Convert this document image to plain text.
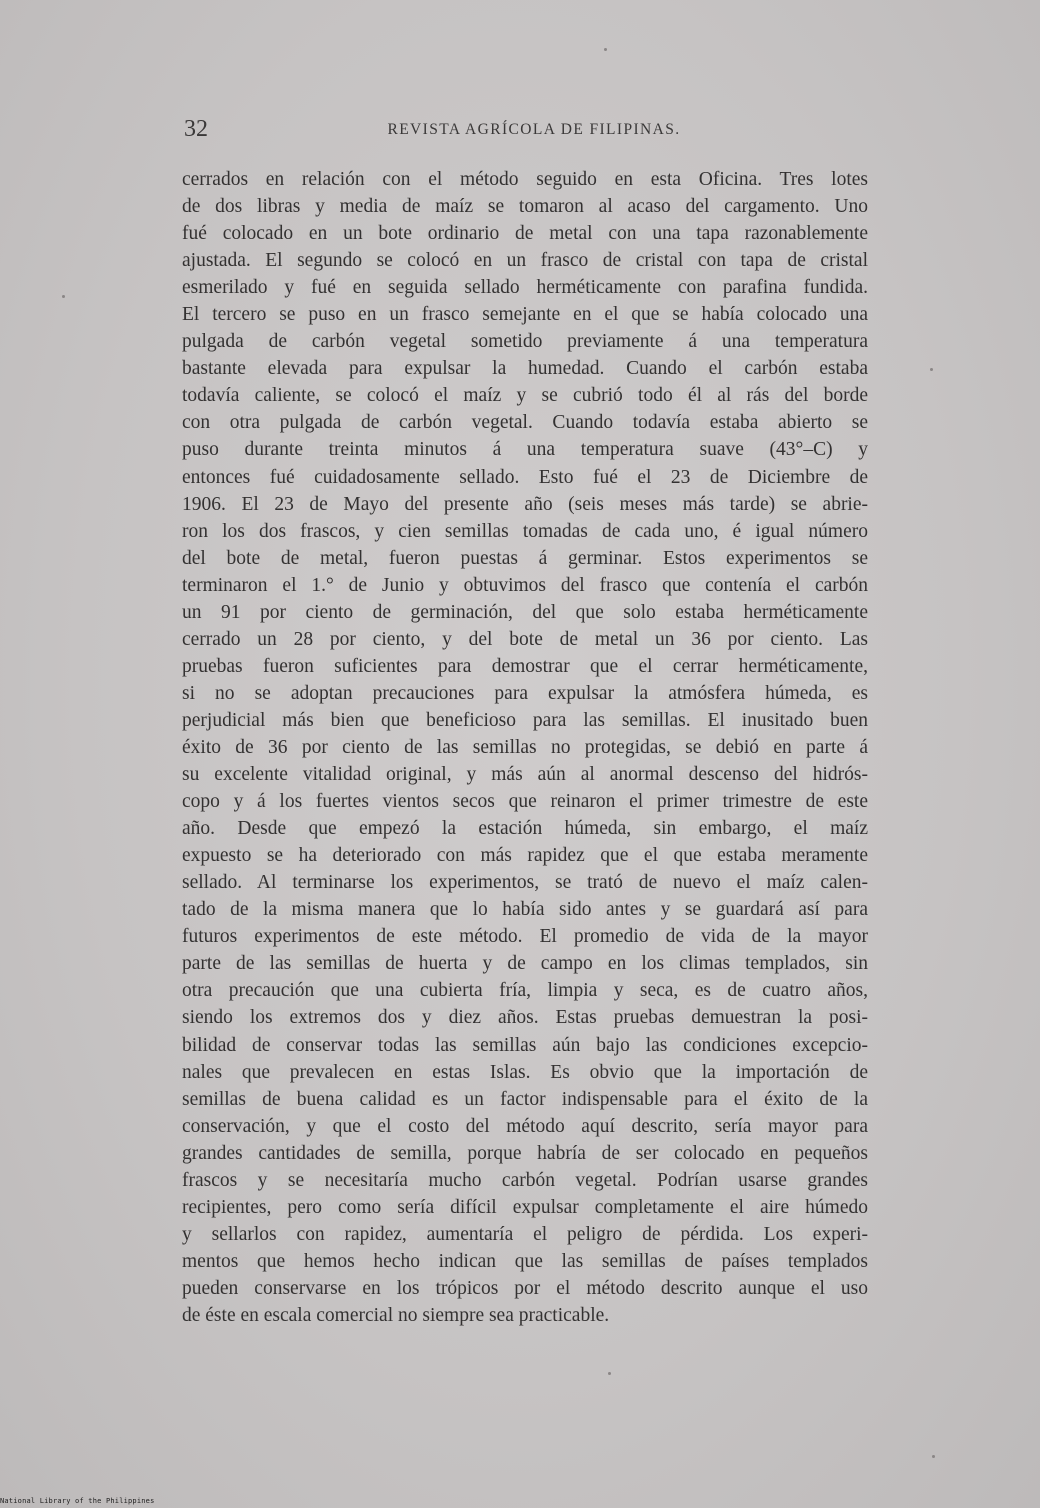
32	REVISTA AGRÍCOLA DE FILIPINAS.
cerrados en relación con el método seguido en esta Oficina. Tres lotes
de dos libras y media de maíz se tomaron al acaso del cargamento. Uno
fué colocado en un bote ordinario de metal con una tapa razonablemente
ajustada. El segundo se colocó en un frasco de cristal con tapa de cristal
esmerilado y fué en seguida sellado herméticamente con parafina fundida.
El tercero se puso en un frasco semejante en el que se había colocado una
pulgada de carbón vegetal sometido previamente á una temperatura
bastante elevada para expulsar la humedad. Cuando el carbón estaba
todavía caliente, se colocó el maíz y se cubrió todo él al rás del borde
con otra pulgada de carbón vegetal. Cuando todavía estaba abierto se
puso durante treinta minutos á una temperatura suave (43°–C) y
entonces fué cuidadosamente sellado. Esto fué el 23 de Diciembre de
1906. El 23 de Mayo del presente año (seis meses más tarde) se abrie-
ron los dos frascos, y cien semillas tomadas de cada uno, é igual número
del bote de metal, fueron puestas á germinar. Estos experimentos se
terminaron el 1.° de Junio y obtuvimos del frasco que contenía el carbón
un 91 por ciento de germinación, del que solo estaba herméticamente
cerrado un 28 por ciento, y del bote de metal un 36 por ciento. Las
pruebas fueron suficientes para demostrar que el cerrar herméticamente,
si no se adoptan precauciones para expulsar la atmósfera húmeda, es
perjudicial más bien que beneficioso para las semillas. El inusitado buen
éxito de 36 por ciento de las semillas no protegidas, se debió en parte á
su excelente vitalidad original, y más aún al anormal descenso del hidrós-
copo y á los fuertes vientos secos que reinaron el primer trimestre de este
año. Desde que empezó la estación húmeda, sin embargo, el maíz
expuesto se ha deteriorado con más rapidez que el que estaba meramente
sellado. Al terminarse los experimentos, se trató de nuevo el maíz calen-
tado de la misma manera que lo había sido antes y se guardará así para
futuros experimentos de este método. El promedio de vida de la mayor
parte de las semillas de huerta y de campo en los climas templados, sin
otra precaución que una cubierta fría, limpia y seca, es de cuatro años,
siendo los extremos dos y diez años. Estas pruebas demuestran la posi-
bilidad de conservar todas las semillas aún bajo las condiciones excepcio-
nales que prevalecen en estas Islas. Es obvio que la importación de
semillas de buena calidad es un factor indispensable para el éxito de la
conservación, y que el costo del método aquí descrito, sería mayor para
grandes cantidades de semilla, porque habría de ser colocado en pequeños
frascos y se necesitaría mucho carbón vegetal. Podrían usarse grandes
recipientes, pero como sería difícil expulsar completamente el aire húmedo
y sellarlos con rapidez, aumentaría el peligro de pérdida. Los experi-
mentos que hemos hecho indican que las semillas de países templados
pueden conservarse en los trópicos por el método descrito aunque el uso
de éste en escala comercial no siempre sea practicable.
National Library of the Philippines
